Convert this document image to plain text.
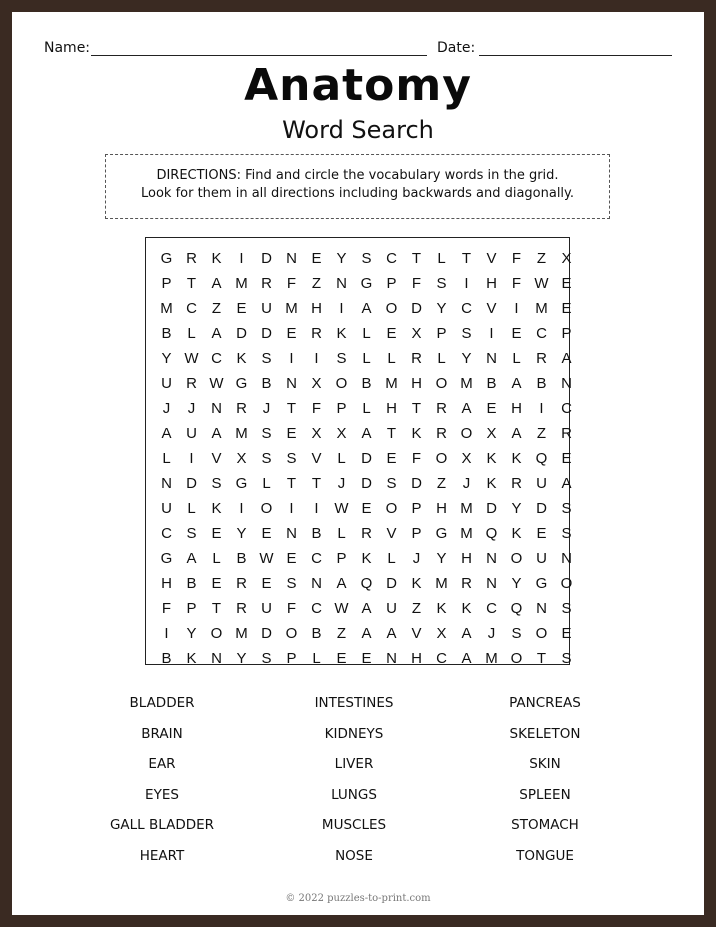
Name:	Date:
Anatomy
Word Search
DIRECTIONS: Find and circle the vocabulary words in the grid.
Look for them in all directions including backwards and diagonally.
G R K	I	D N E Y S C T	L	T	V	F	Z	X
P	T	A M R F	Z	N G P	F	S	I	H F W E
M C Z	E U M H	I	A O D Y C V	I	M E
B	L	A D D E R K	L	E X P S	I	E C P
Y W C K S	I	I	S	L	L	R	L	Y N	L	R A
U R W G B N X O B M H O M B A B N
J	J	N R	J	T	F	P	L	H T	R A E H	I	C
A U A M S E X X A	T	K R O X A	Z	R
L	I	V X S S V	L	D E	F O X K K Q E
N D S G	L	T	T	J	D S D Z	J	K R U A
U	L	K	I	O	I	I	W E O P H M D Y D S
C S E Y E N B	L	R V P G M Q K E S
G A	L	B W E C P K	L	J	Y H N O U N
H B E R E S N A Q D K M R N Y G O
F	P	T	R U F	C W A U Z	K K C Q N S
I	Y O M D O B	Z	A A V X A	J	S O E
B K N Y S P	L	E E N H C A M O T	S
BLADDER
BRAIN
EAR
EYES
GALL BLADDER
HEART
INTESTINES
KIDNEYS
LIVER
LUNGS
MUSCLES
NOSE
PANCREAS
SKELETON
SKIN
SPLEEN
STOMACH
TONGUE
© 2022 puzzles-to-print.com
